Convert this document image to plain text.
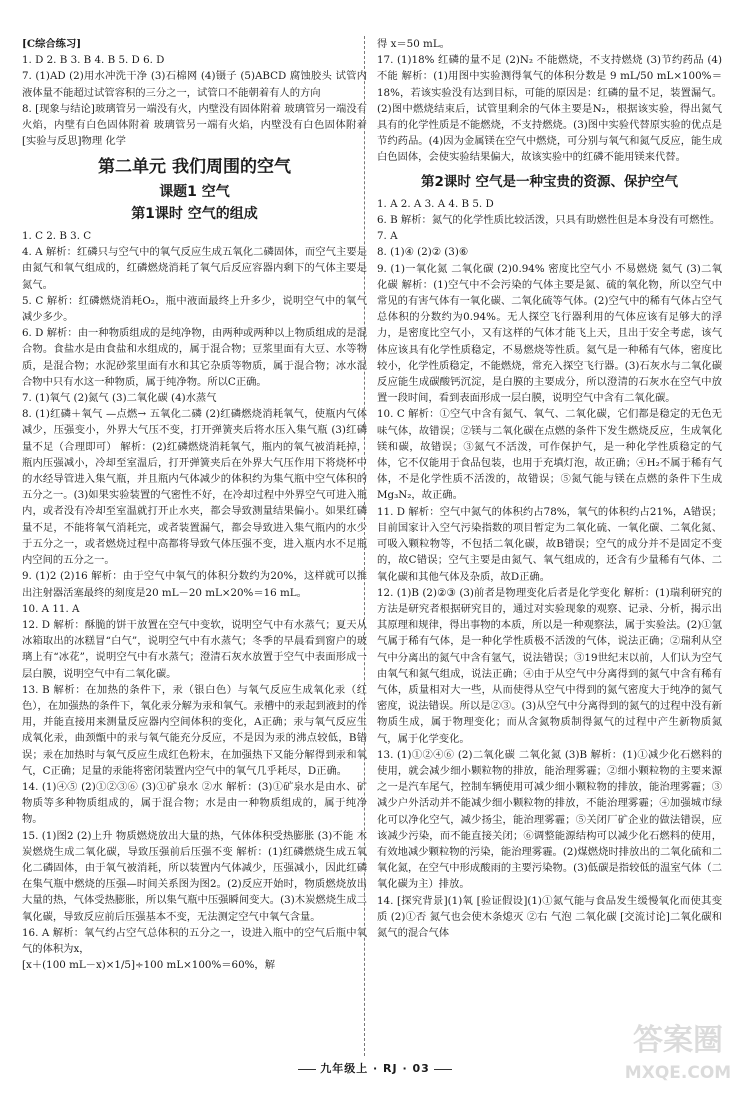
[C综合练习]

1. D 2. B 3. B 4. B 5. D 6. D

7. (1)AD (2)用水冲洗干净 (3)石棉网 (4)镊子 (5)ABCD 腐蚀胶头 试管内液体量不能超过试管容积的三分之一，试管口不能朝着有人的方向

8. [现象与结论]玻璃管另一端没有火，内壁没有固体附着 玻璃管另一端没有火焰，内壁有白色固体附着 玻璃管另一端有火焰，内壁没有白色固体附着 [实验与反思]物理 化学

第二单元 我们周围的空气
课题1 空气
第1课时 空气的组成

1. C 2. B 3. C

4. A 解析：红磷只与空气中的氧气反应生成五氧化二磷固体，而空气主要是由氮气和氧气组成的，红磷燃烧消耗了氧气后反应容器内剩下的气体主要是氮气。

5. C 解析：红磷燃烧消耗O₂，瓶中液面最终上升多少，说明空气中的氧气减少多少。

6. D 解析：由一种物质组成的是纯净物，由两种或两种以上物质组成的是混合物。食盐水是由食盐和水组成的，属于混合物；豆浆里面有大豆、水等物质，是混合物；水泥砂浆里面有水和其它杂质等物质，属于混合物；冰水混合物中只有水这一种物质，属于纯净物。所以C正确。

7. (1)氧气 (2)氮气 (3)二氧化碳 (4)水蒸气

8. (1)红磷＋氧气 —点燃→ 五氧化二磷 (2)红磷燃烧消耗氧气，使瓶内气体减少，压强变小，外界大气压不变，打开弹簧夹后将水压入集气瓶 (3)红磷量不足（合理即可） 解析：(2)红磷燃烧消耗氧气，瓶内的氧气被消耗掉，瓶内压强减小，冷却至室温后，打开弹簧夹后在外界大气压作用下将烧杯中的水经导管进入集气瓶，并且瓶内气体减少的体积约为集气瓶中空气体积的五分之一。(3)如果实验装置的气密性不好，在冷却过程中外界空气可进入瓶内，或者没有冷却至室温就打开止水夹，都会导致测量结果偏小。如果红磷量不足，不能将氧气消耗完，或者装置漏气，都会导致进入集气瓶内的水少于五分之一，或者燃烧过程中高都将导致气体压强不变，进入瓶内水不足瓶内空间的五分之一。

9. (1)2 (2)16 解析：由于空气中氧气的体积分数约为20%，这样就可以推出注射器活塞最终的刻度是20 mL－20 mL×20%＝16 mL。

10. A 11. A

12. D 解析：酥脆的饼干放置在空气中变软，说明空气中有水蒸气；夏天从冰箱取出的冰糕冒“白气”，说明空气中有水蒸气；冬季的早晨看到窗户的玻璃上有“冰花”，说明空气中有水蒸气；澄清石灰水放置于空气中表面形成一层白膜，说明空气中有二氧化碳。

13. B 解析：在加热的条件下，汞（银白色）与氧气反应生成氧化汞（红色），在加强热的条件下，氧化汞分解为汞和氧气。汞槽中的汞起到液封的作用，并能直接用来测量反应器内空间体积的变化，A正确；汞与氧气反应生成氧化汞，曲颈甑中的汞与氧气能充分反应，不是因为汞的沸点较低，B错误；汞在加热时与氧气反应生成红色粉末，在加强热下又能分解得到汞和氧气，C正确；足量的汞能将密闭装置内空气中的氧气几乎耗尽，D正确。

14. (1)④⑤ (2)①②③⑥ (3)①矿泉水 ②水 解析：(3)①矿泉水是由水、矿物质等多种物质组成的，属于混合物；水是由一种物质组成的，属于纯净物。

15. (1)图2 (2)上升 物质燃烧放出大量的热，气体体积受热膨胀 (3)不能 木炭燃烧生成二氧化碳，导致压强前后压强不变 解析：(1)红磷燃烧生成五氧化二磷固体，由于氧气被消耗，所以装置内气体减少，压强减小，因此红磷在集气瓶中燃烧的压强—时间关系图为图2。(2)反应开始时，物质燃烧放出大量的热，气体受热膨胀，所以集气瓶中压强瞬间变大。(3)木炭燃烧生成二氧化碳，导致反应前后压强基本不变，无法测定空气中氧气含量。

16. A 解析：氧气约占空气总体积的五分之一，设进入瓶中的空气后瓶中氧气的体积为x，

[x＋(100 mL－x)×1/5]÷100 mL×100%＝60%，解

得 x＝50 mL。

17. (1)18% 红磷的量不足 (2)N₂ 不能燃烧，不支持燃烧 (3)节约药品 (4)不能 解析：(1)用图中实验测得氧气的体积分数是 9 mL/50 mL×100%＝18%，若该实验没有达到目标，可能的原因是：红磷的量不足，装置漏气。(2)图中燃烧结束后，试管里剩余的气体主要是N₂，根据该实验，得出氮气具有的化学性质是不能燃烧，不支持燃烧。(3)图中实验代替原实验的优点是节约药品。(4)因为金属镁在空气中燃烧，可分别与氧气和氮气反应，能生成白色固体，会使实验结果偏大，故该实验中的红磷不能用镁来代替。

第2课时 空气是一种宝贵的资源、保护空气

1. A 2. A 3. A 4. B 5. D

6. B 解析：氮气的化学性质比较活泼，只具有助燃性但是本身没有可燃性。

7. A

8. (1)④ (2)② (3)⑥

9. (1)一氧化氮 二氧化碳 (2)0.94% 密度比空气小 不易燃烧 氦气 (3)二氧化碳 解析：(1)空气中不会污染的气体主要是氮、硫的氧化物，所以空气中常见的有害气体有一氧化碳、二氧化硫等气体。(2)空气中的稀有气体占空气总体积的分数约为0.94%。无人探空飞行器利用的气体应该有足够大的浮力，是密度比空气小，又有这样的气体才能飞上天，且出于安全考虑，该气体应该具有化学性质稳定，不易燃烧等性质。氦气是一种稀有气体，密度比较小，化学性质稳定，不能燃烧，常充入探空飞行器。(3)石灰水与二氧化碳反应能生成碳酸钙沉淀，是白膜的主要成分，所以澄清的石灰水在空气中放置一段时间，看到表面形成一层白膜，说明空气中含有二氧化碳。

10. C 解析：①空气中含有氮气、氧气、二氧化碳，它们都是稳定的无色无味气体，故错误；②镁与二氧化碳在点燃的条件下发生燃烧反应，生成氧化镁和碳，故错误；③氮气不活泼，可作保护气，是一种化学性质稳定的气体，它不仅能用于食品包装，也用于充填灯泡，故正确；④H₂不属于稀有气体，不是化学性质不活泼的，故错误；⑤氮气能与镁在点燃的条件下生成Mg₃N₂，故正确。

11. D 解析：空气中氮气的体积约占78%，氧气的体积约占21%，A错误；目前国家计入空气污染指数的项目暂定为二氧化硫、一氧化碳、二氧化氮、可吸入颗粒物等，不包括二氧化碳，故B错误；空气的成分并不是固定不变的，故C错误；空气主要是由氮气、氧气组成的，还含有少量稀有气体、二氧化碳和其他气体及杂质，故D正确。

12. (1)B (2)②③ (3)前者是物理变化后者是化学变化 解析：(1)瑞利研究的方法是研究者根据研究目的，通过对实验现象的观察、记录、分析，揭示出其原理和规律，得出事物的本质，所以是一种观察法，属于实验法。(2)①氩气属于稀有气体，是一种化学性质极不活泼的气体，说法正确；②瑞利从空气中分离出的氮气中含有氩气，说法错误；③19世纪末以前，人们认为空气由氧气和氮气组成，说法正确；④由于从空气中分离得到的氮气中含有稀有气体，质量相对大一些，从而使得从空气中得到的氮气密度大于纯净的氮气密度，说法错误。所以是②③。(3)从空气中分离得到的氮气的过程中没有新物质生成，属于物理变化；而从含氮物质制得氮气的过程中产生新物质氮气，属于化学变化。

13. (1)①②④⑥ (2)二氧化碳 二氧化氮 (3)B 解析：(1)①减少化石燃料的使用，就会减少细小颗粒物的排放，能治理雾霾；②细小颗粒物的主要来源之一是汽车尾气，控制车辆使用可减少细小颗粒物的排放，能治理雾霾；③减少户外活动并不能减少细小颗粒物的排放，不能治理雾霾；④加强城市绿化可以净化空气，减少扬尘，能治理雾霾；⑤关闭厂矿企业的做法错误，应该减少污染，而不能直接关闭；⑥调整能源结构可以减少化石燃料的使用，有效地减少颗粒物的污染，能治理雾霾。(2)煤燃烧时排放出的二氧化硫和二氧化氮，在空气中形成酸雨的主要污染物。(3)低碳是指较低的温室气体（二氧化碳为主）排放。

14. [探究背景](1)氧 [验证假设](1)①氮气能与食品发生缓慢氧化而使其变质 (2)①否 氮气也会使木条熄灭 ②右 气泡 二氧化碳 [交流讨论]二氧化碳和氮气的混合气体

九年级上 · RJ · 03
答案圈
MXQE.COM
